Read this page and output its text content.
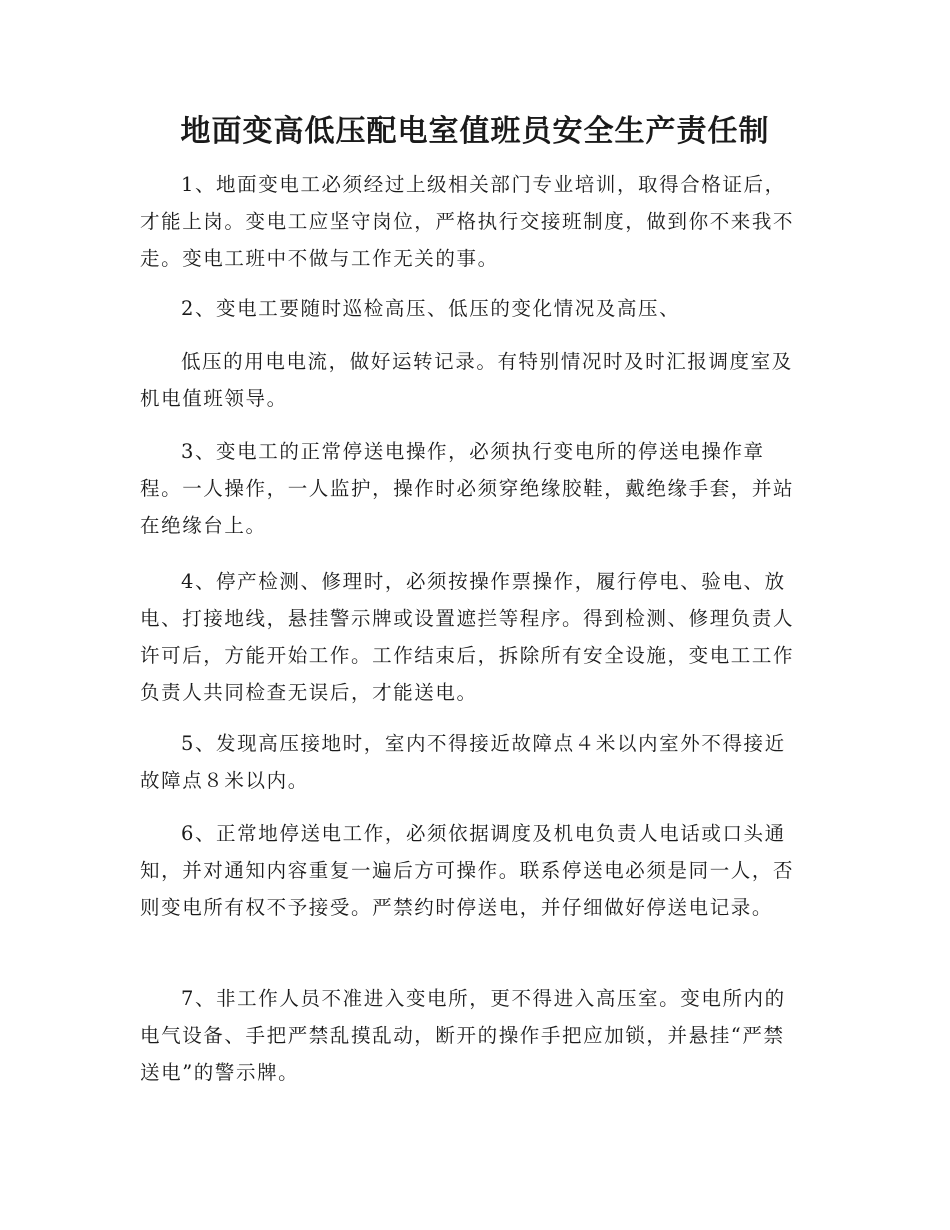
地面变高低压配电室值班员安全生产责任制
1、地面变电工必须经过上级相关部门专业培训，取得合格证后，才能上岗。变电工应坚守岗位，严格执行交接班制度，做到你不来我不走。变电工班中不做与工作无关的事。
2、变电工要随时巡检高压、低压的变化情况及高压、
低压的用电电流，做好运转记录。有特别情况时及时汇报调度室及机电值班领导。
3、变电工的正常停送电操作，必须执行变电所的停送电操作章程。一人操作，一人监护，操作时必须穿绝缘胶鞋，戴绝缘手套，并站在绝缘台上。
4、停产检测、修理时，必须按操作票操作，履行停电、验电、放电、打接地线，悬挂警示牌或设置遮拦等程序。得到检测、修理负责人许可后，方能开始工作。工作结束后，拆除所有安全设施，变电工工作负责人共同检查无误后，才能送电。
5、发现高压接地时，室内不得接近故障点４米以内室外不得接近故障点８米以内。
6、正常地停送电工作，必须依据调度及机电负责人电话或口头通知，并对通知内容重复一遍后方可操作。联系停送电必须是同一人，否则变电所有权不予接受。严禁约时停送电，并仔细做好停送电记录。
7、非工作人员不准进入变电所，更不得进入高压室。变电所内的电气设备、手把严禁乱摸乱动，断开的操作手把应加锁，并悬挂“严禁送电”的警示牌。
